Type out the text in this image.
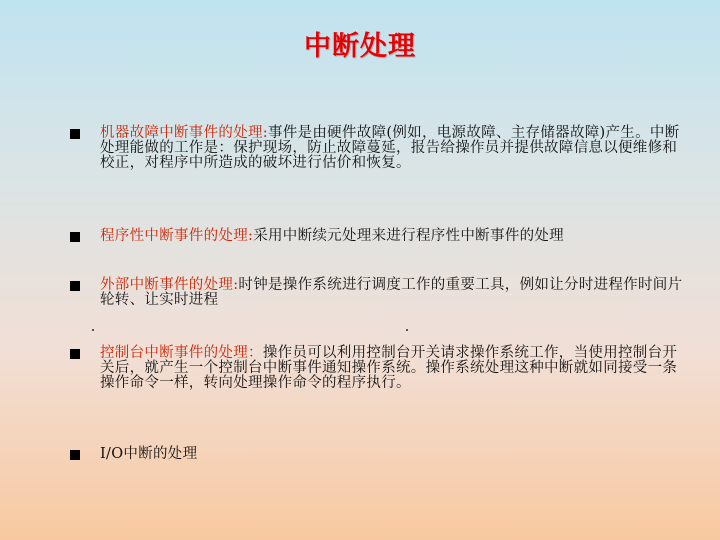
中断处理
机器故障中断事件的处理:事件是由硬件故障(例如，电源故障、主存储器故障)产生。中断处理能做的工作是：保护现场，防止故障蔓延，报告给操作员并提供故障信息以便维修和校正，对程序中所造成的破坏进行估价和恢复。
程序性中断事件的处理:采用中断续元处理来进行程序性中断事件的处理
外部中断事件的处理:时钟是操作系统进行调度工作的重要工具，例如让分时进程作时间片轮转、让实时进程
控制台中断事件的处理：操作员可以利用控制台开关请求操作系统工作，当使用控制台开关后，就产生一个控制台中断事件通知操作系统。操作系统处理这种中断就如同接受一条操作命令一样，转向处理操作命令的程序执行。
I/O中断的处理
